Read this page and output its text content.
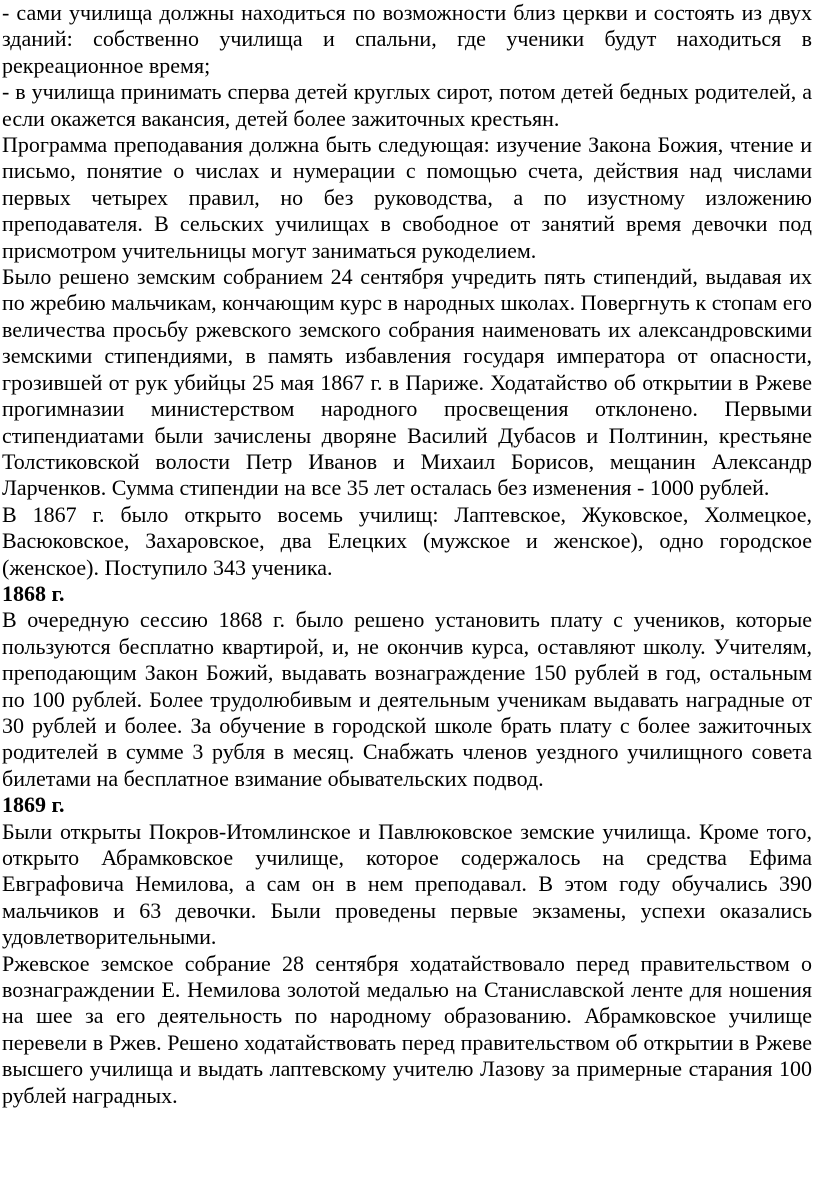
- сами училища должны находиться по возможности близ церкви и состоять из двух зданий: собственно училища и спальни, где ученики будут находиться в рекреационное время;

- в училища принимать сперва детей круглых сирот, потом детей бедных родителей, а если окажется вакансия, детей более зажиточных крестьян.

Программа преподавания должна быть следующая: изучение Закона Божия, чтение и письмо, понятие о числах и нумерации с помощью счета, действия над числами первых четырех правил, но без руководства, а по изустному изложению преподавателя. В сельских училищах в свободное от занятий время девочки под присмотром учительницы могут заниматься рукоделием.

Было решено земским собранием 24 сентября учредить пять стипендий, выдавая их по жребию мальчикам, кончающим курс в народных школах. Повергнуть к стопам его величества просьбу ржевского земского собрания наименовать их александровскими земскими стипендиями, в память избавления государя императора от опасности, грозившей от рук убийцы 25 мая 1867 г. в Париже. Ходатайство об открытии в Ржеве прогимназии министерством народного просвещения отклонено. Первыми стипендиатами были зачислены дворяне Василий Дубасов и Полтинин, крестьяне Толстиковской волости Петр Иванов и Михаил Борисов, мещанин Александр Ларченков. Сумма стипендии на все 35 лет осталась без изменения - 1000 рублей.

В 1867 г. было открыто восемь училищ: Лаптевское, Жуковское, Холмецкое, Васюковское, Захаровское, два Елецких (мужское и женское), одно городское (женское). Поступило 343 ученика.

1868 г.

В очередную сессию 1868 г. было решено установить плату с учеников, которые пользуются бесплатно квартирой, и, не окончив курса, оставляют школу. Учителям, преподающим Закон Божий, выдавать вознаграждение 150 рублей в год, остальным по 100 рублей. Более трудолюбивым и деятельным ученикам выдавать наградные от 30 рублей и более. За обучение в городской школе брать плату с более зажиточных родителей в сумме 3 рубля в месяц. Снабжать членов уездного училищного совета билетами на бесплатное взимание обывательских подвод.

1869 г.

Были открыты Покров-Итомлинское и Павлюковское земские училища. Кроме того, открыто Абрамковское училище, которое содержалось на средства Ефима Евграфовича Немилова, а сам он в нем преподавал. В этом году обучались 390 мальчиков и 63 девочки. Были проведены первые экзамены, успехи оказались удовлетворительными.

Ржевское земское собрание 28 сентября ходатайствовало перед правительством о вознаграждении Е. Немилова золотой медалью на Станиславской ленте для ношения на шее за его деятельность по народному образованию. Абрамковское училище перевели в Ржев. Решено ходатайствовать перед правительством об открытии в Ржеве высшего училища и выдать лаптевскому учителю Лазову за примерные старания 100 рублей наградных.
